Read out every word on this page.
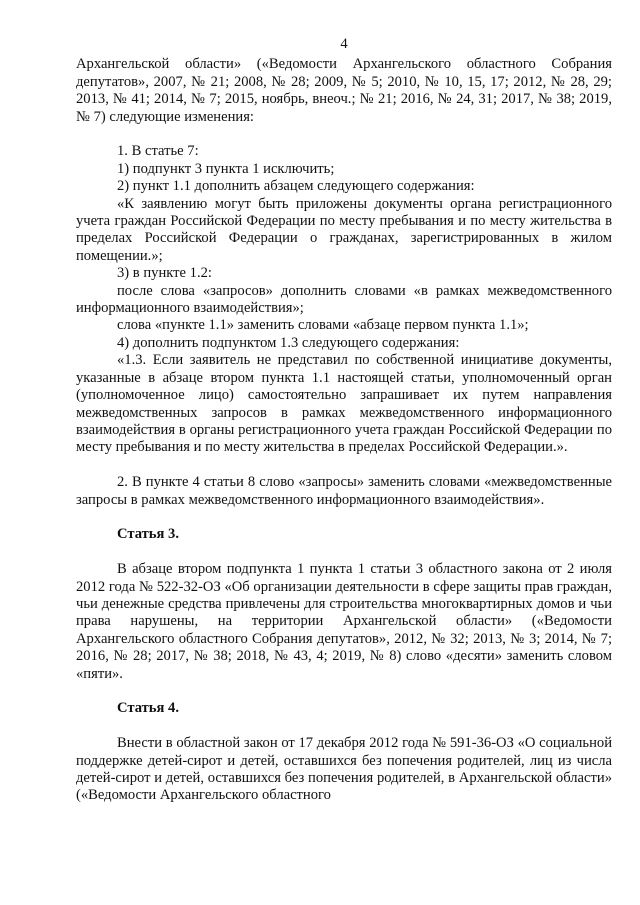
4

Архангельской области» («Ведомости Архангельского областного Собрания депутатов», 2007, № 21; 2008, № 28; 2009, № 5; 2010, № 10, 15, 17; 2012, № 28, 29; 2013, № 41; 2014, № 7; 2015, ноябрь, внеоч.; № 21; 2016, № 24, 31; 2017, № 38; 2019, № 7) следующие изменения:

1. В статье 7:

1) подпункт 3 пункта 1 исключить;

2) пункт 1.1 дополнить абзацем следующего содержания:

«К заявлению могут быть приложены документы органа регистрационного учета граждан Российской Федерации по месту пребывания и по месту жительства в пределах Российской Федерации о гражданах, зарегистрированных в жилом помещении.»;

3) в пункте 1.2:

после слова «запросов» дополнить словами «в рамках межведомственного информационного взаимодействия»;

слова «пункте 1.1» заменить словами «абзаце первом пункта 1.1»;

4) дополнить подпунктом 1.3 следующего содержания:

«1.3. Если заявитель не представил по собственной инициативе документы, указанные в абзаце втором пункта 1.1 настоящей статьи, уполномоченный орган (уполномоченное лицо) самостоятельно запрашивает их путем направления межведомственных запросов в рамках межведомственного информационного взаимодействия в органы регистрационного учета граждан Российской Федерации по месту пребывания и по месту жительства в пределах Российской Федерации.».

2. В пункте 4 статьи 8 слово «запросы» заменить словами «межведомственные запросы в рамках межведомственного информационного взаимодействия».

Статья 3.

В абзаце втором подпункта 1 пункта 1 статьи 3 областного закона от 2 июля 2012 года № 522-32-ОЗ «Об организации деятельности в сфере защиты прав граждан, чьи денежные средства привлечены для строительства многоквартирных домов и чьи права нарушены, на территории Архангельской области» («Ведомости Архангельского областного Собрания депутатов», 2012, № 32; 2013, № 3; 2014, № 7; 2016, № 28; 2017, № 38; 2018, № 43, 4; 2019, № 8) слово «десяти» заменить словом «пяти».

Статья 4.

Внести в областной закон от 17 декабря 2012 года № 591-36-ОЗ «О социальной поддержке детей-сирот и детей, оставшихся без попечения родителей, лиц из числа детей-сирот и детей, оставшихся без попечения родителей, в Архангельской области» («Ведомости Архангельского областного
